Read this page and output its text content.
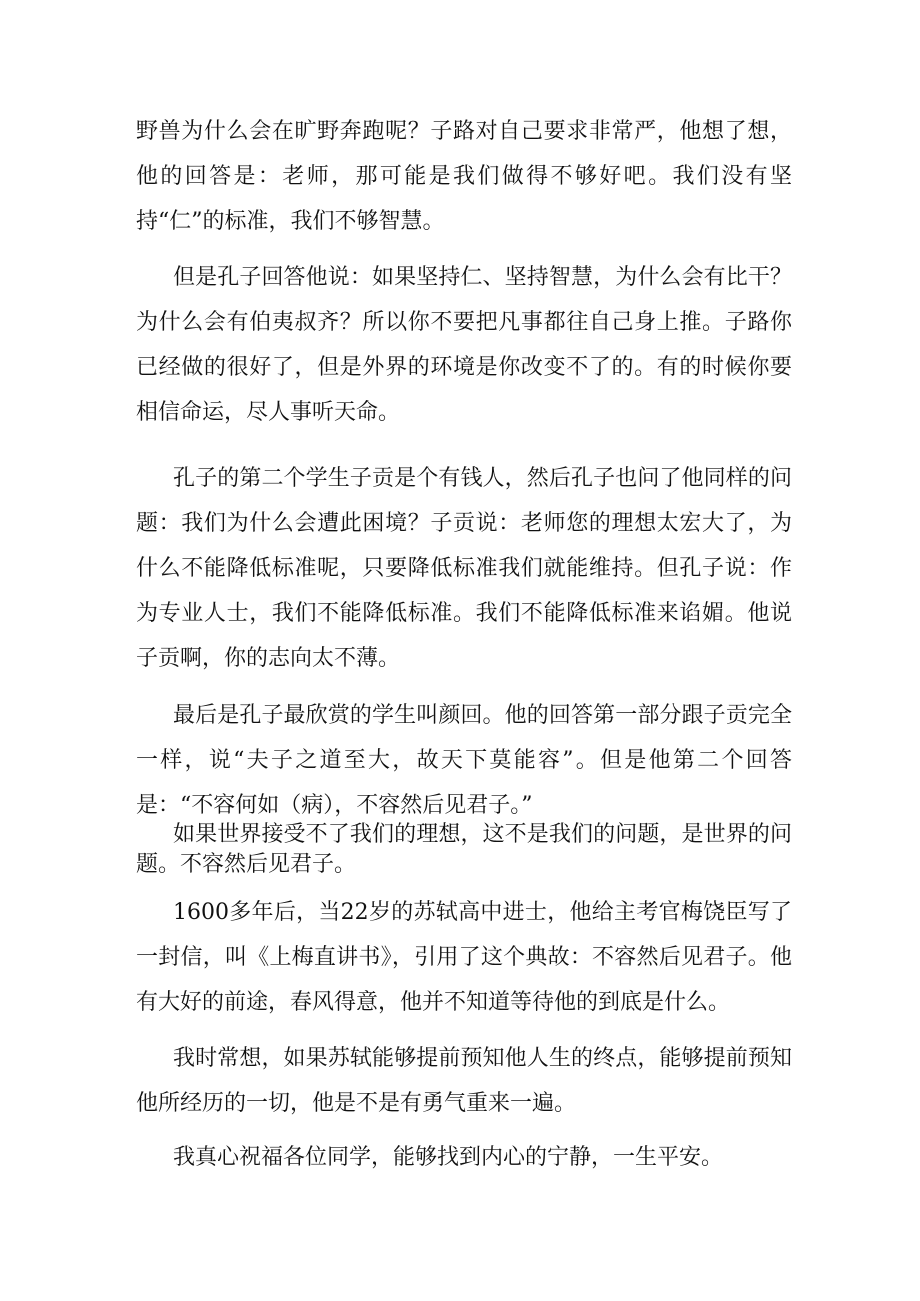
野兽为什么会在旷野奔跑呢？子路对自己要求非常严，他想了想，他的回答是：老师，那可能是我们做得不够好吧。我们没有坚持“仁”的标准，我们不够智慧。

但是孔子回答他说：如果坚持仁、坚持智慧，为什么会有比干？为什么会有伯夷叔齐？所以你不要把凡事都往自己身上推。子路你已经做的很好了，但是外界的环境是你改变不了的。有的时候你要相信命运，尽人事听天命。

孔子的第二个学生子贡是个有钱人，然后孔子也问了他同样的问题：我们为什么会遭此困境？子贡说：老师您的理想太宏大了，为什么不能降低标准呢，只要降低标准我们就能维持。但孔子说：作为专业人士，我们不能降低标准。我们不能降低标准来谄媚。他说子贡啊，你的志向太不薄。

最后是孔子最欣赏的学生叫颜回。他的回答第一部分跟子贡完全一样，说“夫子之道至大，故天下莫能容”。但是他第二个回答是：“不容何如（病），不容然后见君子。”

如果世界接受不了我们的理想，这不是我们的问题，是世界的问题。不容然后见君子。

1600多年后，当22岁的苏轼高中进士，他给主考官梅饶臣写了一封信，叫《上梅直讲书》，引用了这个典故：不容然后见君子。他有大好的前途，春风得意，他并不知道等待他的到底是什么。

我时常想，如果苏轼能够提前预知他人生的终点，能够提前预知他所经历的一切，他是不是有勇气重来一遍。

我真心祝福各位同学，能够找到内心的宁静，一生平安。
